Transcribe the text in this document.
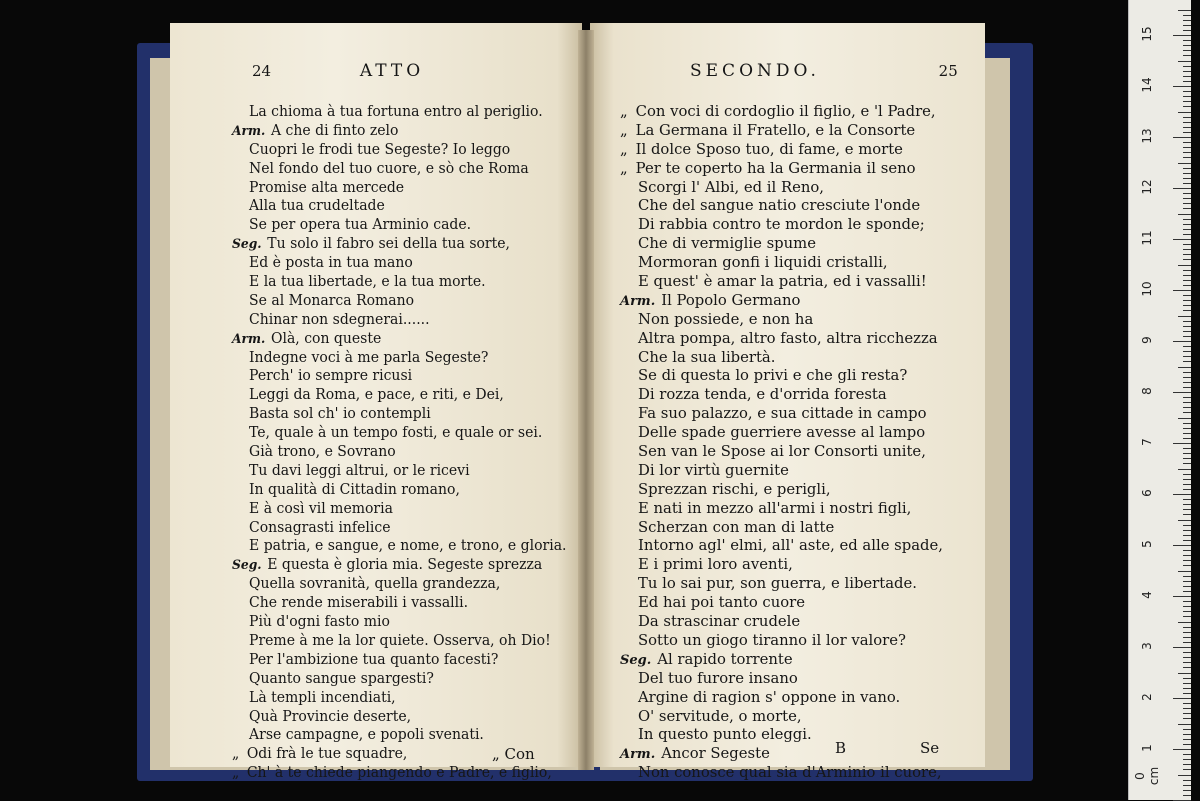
24	ATTO
La chioma à tua fortuna entro al periglio.
Arm. A che di finto zelo
Cuopri le frodi tue Segeste? Io leggo
Nel fondo del tuo cuore, e sò che Roma
Promise alta mercede
Alla tua crudeltade
Se per opera tua Arminio cade.
Seg. Tu solo il fabro sei della tua sorte,
Ed è posta in tua mano
E la tua libertade, e la tua morte.
Se al Monarca Romano
Chinar non sdegnerai......
Arm. Olà, con queste
Indegne voci à me parla Segeste?
Perch' io sempre ricusi
Leggi da Roma, e pace, e riti, e Dei,
Basta sol ch' io contempli
Te, quale à un tempo fosti, e quale or sei.
Già trono, e Sovrano
Tu davi leggi altrui, or le ricevi
In qualità di Cittadin romano,
E à così vil memoria
Consagrasti infelice
E patria, e sangue, e nome, e trono, e gloria.
Seg. E questa è gloria mia. Segeste sprezza
Quella sovranità, quella grandezza,
Che rende miserabili i vassalli.
Più d'ogni fasto mio
Preme à me la lor quiete. Osserva, oh Dio!
Per l'ambizione tua quanto facesti?
Quanto sangue spargesti?
Là templi incendiati,
Quà Provincie deserte,
Arse campagne, e popoli svenati.
„ Odi frà le tue squadre,
„ Ch' à te chiede piangendo e Padre, e figlio,
„ Con
SECONDO.	25
„ Con voci di cordoglio il figlio, e 'l Padre,
„ La Germana il Fratello, e la Consorte
„ Il dolce Sposo tuo, di fame, e morte
„ Per te coperto ha la Germania il seno
Scorgi l' Albi, ed il Reno,
Che del sangue natio cresciute l'onde
Di rabbia contro te mordon le sponde;
Che di vermiglie spume
Mormoran gonfi i liquidi cristalli,
E quest' è amar la patria, ed i vassalli!
Arm. Il Popolo Germano
Non possiede, e non ha
Altra pompa, altro fasto, altra ricchezza
Che la sua libertà.
Se di questa lo privi e che gli resta?
Di rozza tenda, e d'orrida foresta
Fa suo palazzo, e sua cittade in campo
Delle spade guerriere avesse al lampo
Sen van le Spose ai lor Consorti unite,
Di lor virtù guernite
Sprezzan rischi, e perigli,
E nati in mezzo all'armi i nostri figli,
Scherzan con man di latte
Intorno agl' elmi, all' aste, ed alle spade,
E i primi loro aventi,
Tu lo sai pur, son guerra, e libertade.
Ed hai poi tanto cuore
Da strascinar crudele
Sotto un giogo tiranno il lor valore?
Seg. Al rapido torrente
Del tuo furore insano
Argine di ragion s' oppone in vano.
O' servitude, o morte,
In questo punto eleggi.
Arm. Ancor Segeste
Non conosce qual sia d'Arminio il cuore,
B	Se
0 cm
1
2
3
4
5
6
7
8
9
10
11
12
13
14
15
